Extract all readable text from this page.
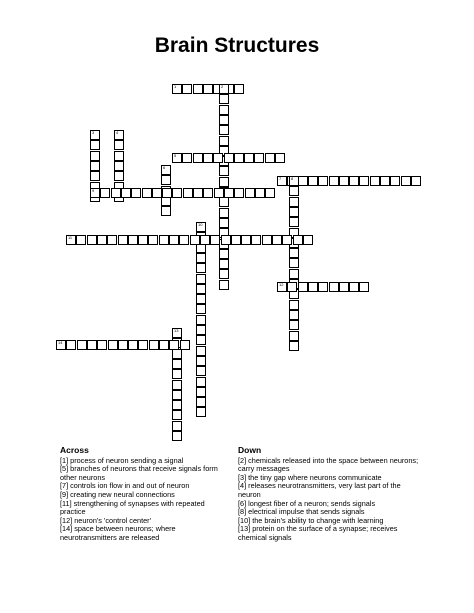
Brain Structures
1	2
3	4
5
6
7 8
9
10
11
12
13
14
Across

[1] process of neuron sending a signal

[5] branches of neurons that receive signals form other neurons

[7] controls ion flow in and out of neuron

[9] creating new neural connections

[11] strengthening of synapses with repeated practice

[12] neuron's 'control center'

[14] space between neurons; where neurotransmitters are released

Down

[2] chemicals released into the space between neurons; carry messages

[3] the tiny gap where neurons communicate

[4] releases neurotransmitters, very last part of the neuron

[6] longest fiber of a neuron; sends signals

[8] electrical impulse that sends signals

[10] the brain's ability to change with learning

[13] protein on the surface of a synapse; receives chemical signals
